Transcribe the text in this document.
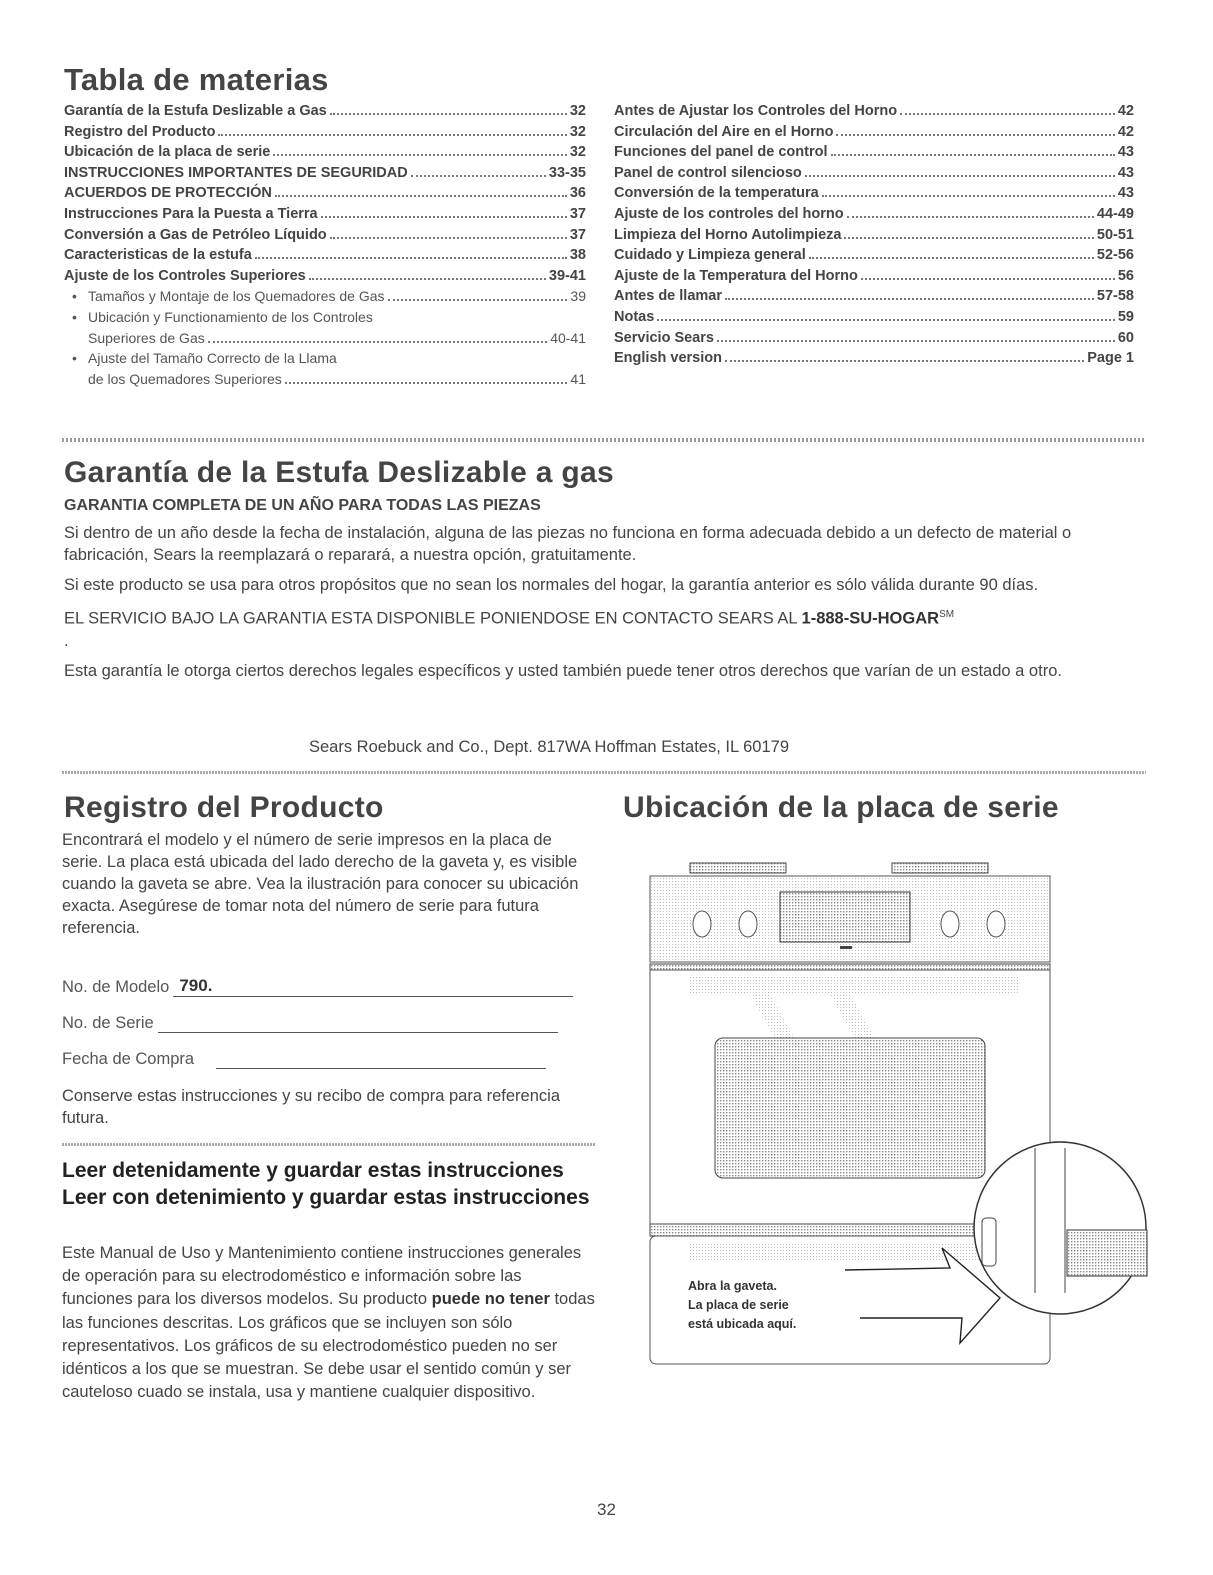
Tabla de materias
Garantía de la Estufa Deslizable a Gas	32
Registro del Producto	32
Ubicación de la placa de serie	32
INSTRUCCIONES IMPORTANTES DE SEGURIDAD	33-35
ACUERDOS DE PROTECCIÓN	36
Instrucciones Para la Puesta a Tierra	37
Conversión a Gas de Petróleo Líquido	37
Caracteristicas de la estufa	38
Ajuste de los Controles Superiores	39-41
• Tamaños y Montaje de los Quemadores de Gas	39
• Ubicación y Functionamiento de los Controles
Superiores de Gas	40-41
• Ajuste del Tamaño Correcto de la Llama
de los Quemadores Superiores	41
Antes de Ajustar los Controles del Horno	42
Circulación del Aire en el Horno	42
Funciones del panel de control	43
Panel de control silencioso	43
Conversión de la temperatura	43
Ajuste de los controles del horno	44-49
Limpieza del Horno Autolimpieza	50-51
Cuidado y Limpieza general	52-56
Ajuste de la Temperatura del Horno	56
Antes de llamar	57-58
Notas	59
Servicio Sears	60
English version	Page 1
Garantía de la Estufa Deslizable a gas
GARANTIA COMPLETA DE UN AÑO PARA TODAS LAS PIEZAS

Si dentro de un año desde la fecha de instalación, alguna de las piezas no funciona en forma adecuada debido a un defecto de material o fabricación, Sears la reemplazará o reparará, a nuestra opción, gratuitamente.

Si este producto se usa para otros propósitos que no sean los normales del hogar, la garantía anterior es sólo válida durante 90 días.

EL SERVICIO BAJO LA GARANTIA ESTA DISPONIBLE PONIENDOSE EN CONTACTO SEARS AL 1-888-SU-HOGAR℠

.

Esta garantía le otorga ciertos derechos legales específicos y usted también puede tener otros derechos que varían de un estado a otro.

Sears Roebuck and Co., Dept. 817WA Hoffman Estates, IL 60179
Registro del Producto

Encontrará el modelo y el número de serie impresos en la placa de serie. La placa está ubicada del lado derecho de la gaveta y, es visible cuando la gaveta se abre. Vea la ilustración para conocer su ubicación exacta. Asegúrese de tomar nota del número de serie para futura referencia.

No. de Modelo 790.
No. de Serie
Fecha de Compra

Conserve estas instrucciones y su recibo de compra para referencia futura.

Leer detenidamente y guardar estas instrucciones Leer con detenimiento y guardar estas instrucciones

Este Manual de Uso y Mantenimiento contiene instrucciones generales de operación para su electrodoméstico e información sobre las funciones para los diversos modelos. Su producto puede no tener todas las funciones descritas. Los gráficos que se incluyen son sólo representativos. Los gráficos de su electrodoméstico pueden no ser idénticos a los que se muestran. Se debe usar el sentido común y ser cauteloso cuado se instala, usa y mantiene cualquier dispositivo.

Ubicación de la placa de serie
Abra la gaveta.
La placa de serie
está ubicada aquí.
32
